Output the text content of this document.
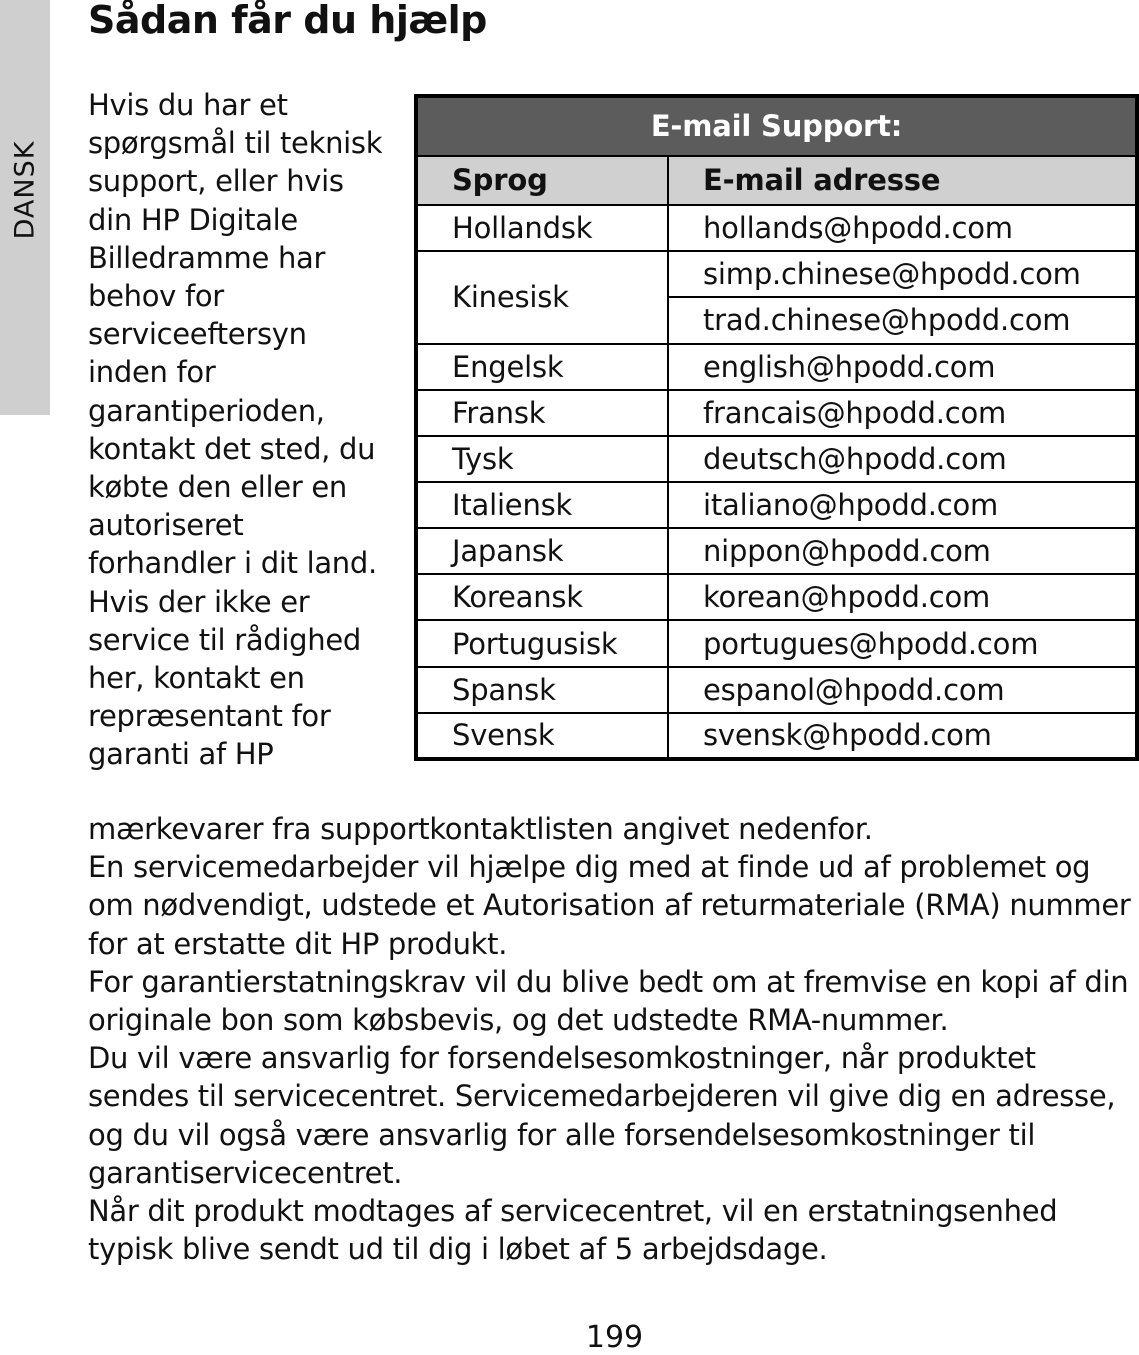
DANSK
Sådan får du hjælp

Hvis du har et spørgsmål til teknisk support, eller hvis din HP Digitale Billedramme har behov for serviceeftersyn inden for garantiperioden, kontakt det sted, du købte den eller en autoriseret forhandler i dit land.

Hvis der ikke er service til rådighed her, kontakt en repræsentant for garanti af HP

E-mail Support:	
Sprog	E-mail adresse
Hollandsk	hollands@hpodd.com
Kinesisk	simp.chinese@hpodd.com
	trad.chinese@hpodd.com
Engelsk	english@hpodd.com
Fransk	francais@hpodd.com
Tysk	deutsch@hpodd.com
Italiensk	italiano@hpodd.com
Japansk	nippon@hpodd.com
Koreansk	korean@hpodd.com
Portugusisk	portugues@hpodd.com
Spansk	espanol@hpodd.com
Svensk	svensk@hpodd.com

mærkevarer fra supportkontaktlisten angivet nedenfor.

En servicemedarbejder vil hjælpe dig med at finde ud af problemet og om nødvendigt, udstede et Autorisation af returmateriale (RMA) nummer for at erstatte dit HP produkt.

For garantierstatningskrav vil du blive bedt om at fremvise en kopi af din originale bon som købsbevis, og det udstedte RMA-nummer.

Du vil være ansvarlig for forsendelsesomkostninger, når produktet sendes til servicecentret. Servicemedarbejderen vil give dig en adresse, og du vil også være ansvarlig for alle forsendelsesomkostninger til garantiservicecentret.

Når dit produkt modtages af servicecentret, vil en erstatningsenhed typisk blive sendt ud til dig i løbet af 5 arbejdsdage.

199
